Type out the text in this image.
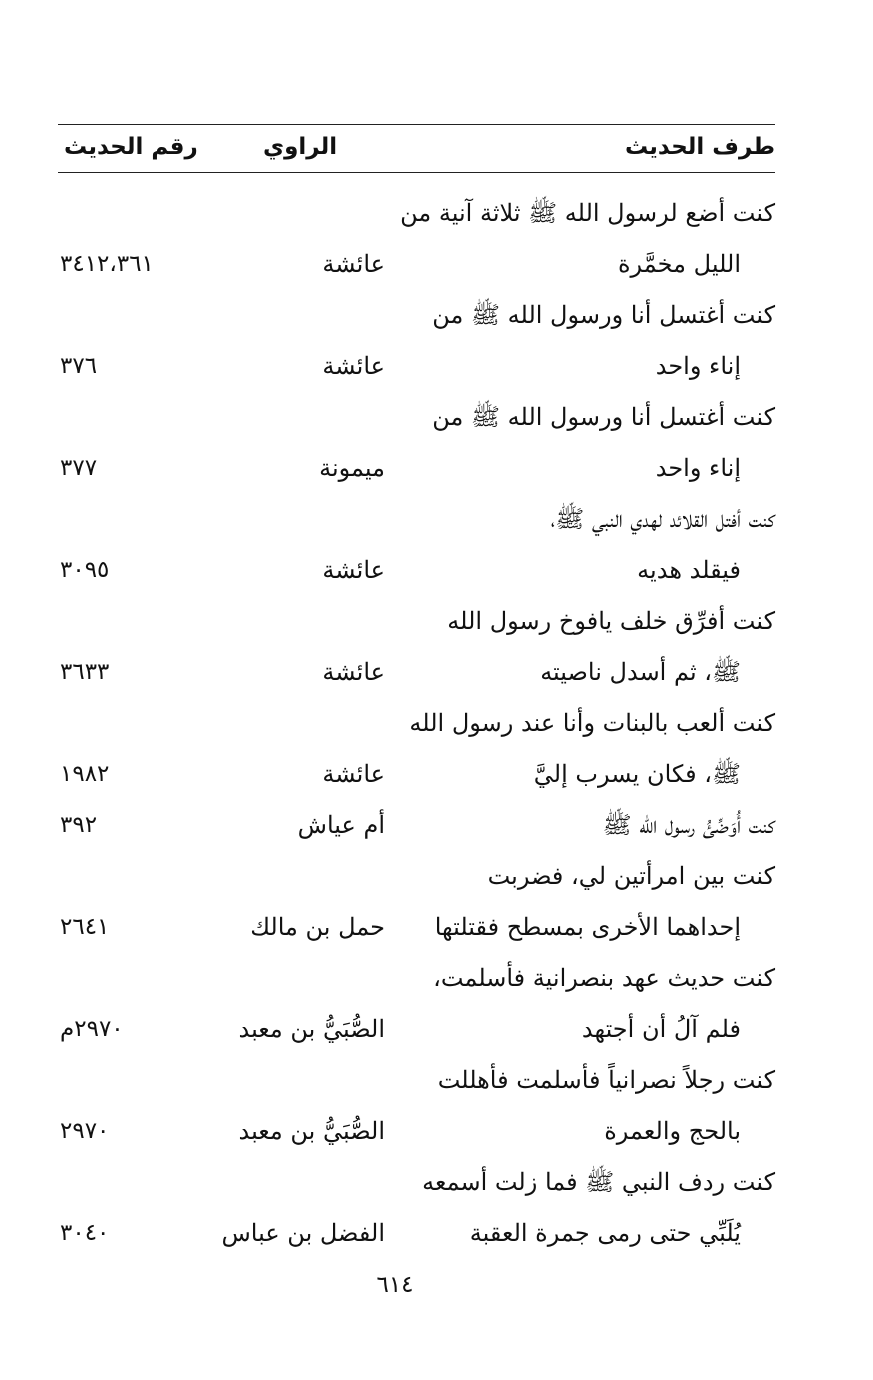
طرف الحديث
الراوي
رقم الحديث
كنت أضع لرسول الله ﷺ ثلاثة آنية من
الليل مخمَّرة
عائشة
٣٤١٢،٣٦١
كنت أغتسل أنا ورسول الله ﷺ من
إناء واحد
عائشة
٣٧٦
كنت أغتسل أنا ورسول الله ﷺ من
إناء واحد
ميمونة
٣٧٧
كنت أفتل القلائد لهدي النبي ﷺ،
فيقلد هديه
عائشة
٣٠٩٥
كنت أفرِّق خلف يافوخ رسول الله
ﷺ، ثم أسدل ناصيته
عائشة
٣٦٣٣
كنت ألعب بالبنات وأنا عند رسول الله
ﷺ، فكان يسرب إليَّ
عائشة
١٩٨٢
كنت أُوَضِّئُ رسول الله ﷺ
أم عياش
٣٩٢
كنت بين امرأتين لي، فضربت
إحداهما الأخرى بمسطح فقتلتها
حمل بن مالك
٢٦٤١
كنت حديث عهد بنصرانية فأسلمت،
فلم آلُ أن أجتهد
الصُّبَيُّ بن معبد
٢٩٧٠م
كنت رجلاً نصرانياً فأسلمت فأهللت
بالحج والعمرة
الصُّبَيُّ بن معبد
٢٩٧٠
كنت ردف النبي ﷺ فما زلت أسمعه
يُلَبِّي حتى رمى جمرة العقبة
الفضل بن عباس
٣٠٤٠
٦١٤
